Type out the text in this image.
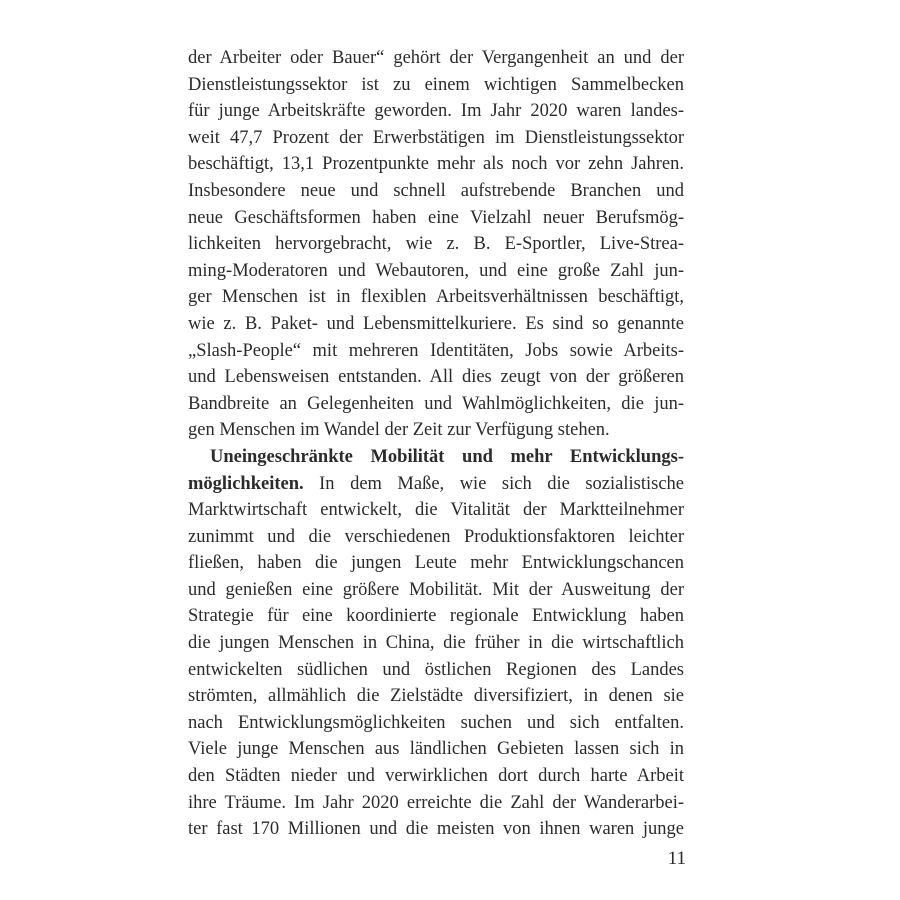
der Arbeiter oder Bauer“ gehört der Vergangenheit an und der
Dienstleistungssektor ist zu einem wichtigen Sammelbecken
für junge Arbeitskräfte geworden. Im Jahr 2020 waren landes-
weit 47,7 Prozent der Erwerbstätigen im Dienstleistungssektor
beschäftigt, 13,1 Prozentpunkte mehr als noch vor zehn Jahren.
Insbesondere neue und schnell aufstrebende Branchen und
neue Geschäftsformen haben eine Vielzahl neuer Berufsmög-
lichkeiten hervorgebracht, wie z. B. E-Sportler, Live-Strea-
ming-Moderatoren und Webautoren, und eine große Zahl jun-
ger Menschen ist in flexiblen Arbeitsverhältnissen beschäftigt,
wie z. B. Paket- und Lebensmittelkuriere. Es sind so genannte
„Slash-People“ mit mehreren Identitäten, Jobs sowie Arbeits-
und Lebensweisen entstanden. All dies zeugt von der größeren
Bandbreite an Gelegenheiten und Wahlmöglichkeiten, die jun-
gen Menschen im Wandel der Zeit zur Verfügung stehen.
Uneingeschränkte Mobilität und mehr Entwicklungs-
möglichkeiten. In dem Maße, wie sich die sozialistische
Marktwirtschaft entwickelt, die Vitalität der Marktteilnehmer
zunimmt und die verschiedenen Produktionsfaktoren leichter
fließen, haben die jungen Leute mehr Entwicklungschancen
und genießen eine größere Mobilität. Mit der Ausweitung der
Strategie für eine koordinierte regionale Entwicklung haben
die jungen Menschen in China, die früher in die wirtschaftlich
entwickelten südlichen und östlichen Regionen des Landes
strömten, allmählich die Zielstädte diversifiziert, in denen sie
nach Entwicklungsmöglichkeiten suchen und sich entfalten.
Viele junge Menschen aus ländlichen Gebieten lassen sich in
den Städten nieder und verwirklichen dort durch harte Arbeit
ihre Träume. Im Jahr 2020 erreichte die Zahl der Wanderarbei-
ter fast 170 Millionen und die meisten von ihnen waren junge
11
